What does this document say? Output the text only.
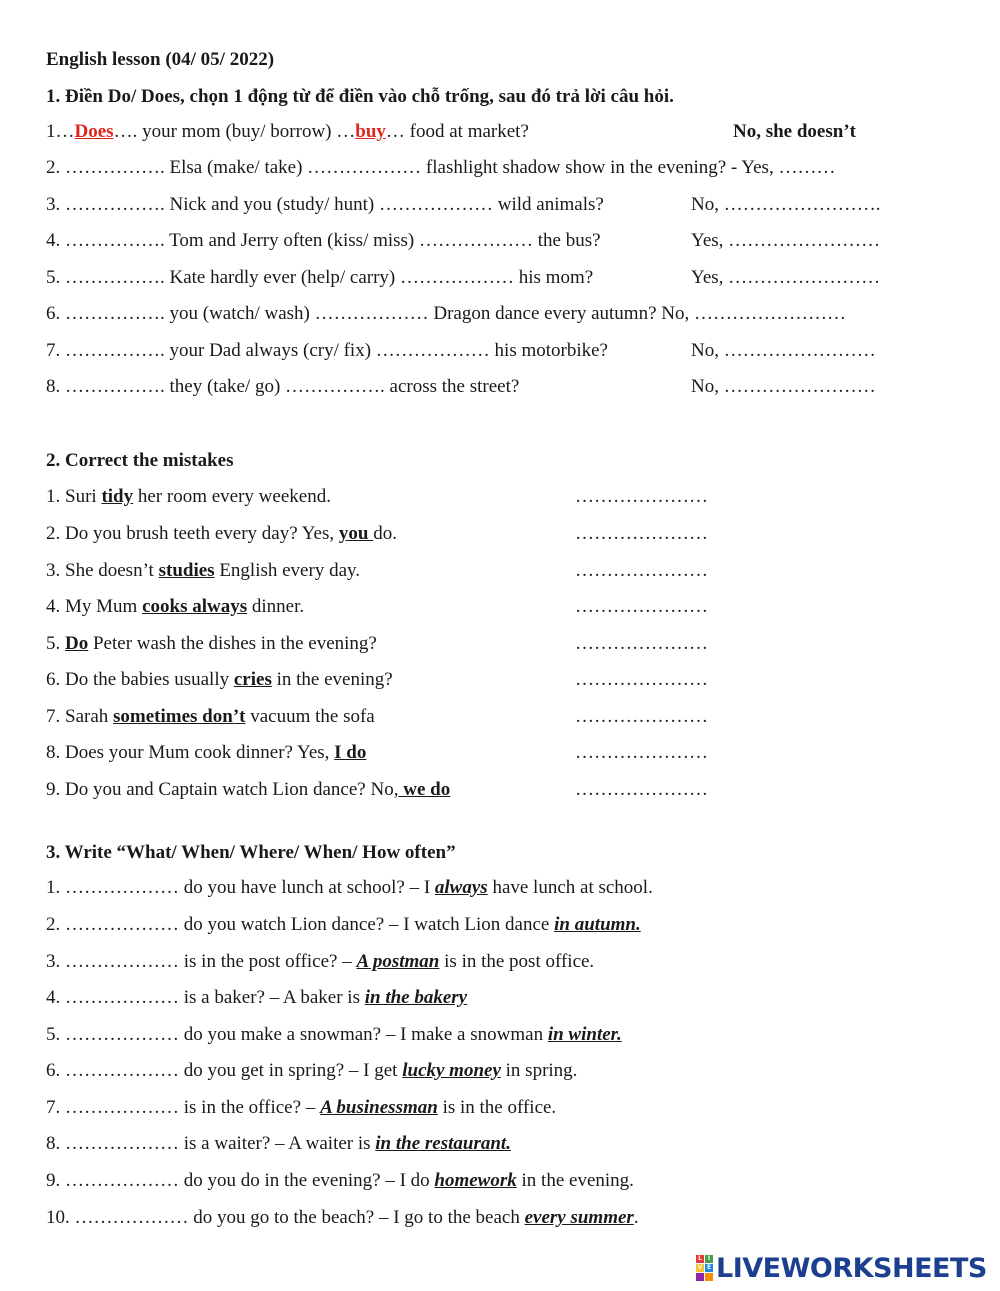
English lesson (04/ 05/ 2022)
1. Điền Do/ Does, chọn 1 động từ để điền vào chỗ trống, sau đó trả lời câu hỏi.
1…Does…. your mom (buy/ borrow) …buy… food at market?	No, she doesn’t
2. ……………. Elsa (make/ take) ……………… flashlight shadow show in the evening? - Yes, ………
3. ……………. Nick and you (study/ hunt) ……………… wild animals?	No, …………………….
4. ……………. Tom and Jerry often (kiss/ miss) ……………… the bus?	Yes, ……………………
5. ……………. Kate hardly ever (help/ carry) ……………… his mom?	Yes, ……………………
6. ……………. you (watch/ wash) ……………… Dragon dance every autumn? No, ……………………
7. ……………. your Dad always (cry/ fix) ……………… his motorbike?	No, ……………………
8. ……………. they (take/ go) ……………. across the street?	No, ……………………
2. Correct the mistakes
1. Suri tidy her room every weekend.	…………………
2. Do you brush teeth every day? Yes, you do.	…………………
3. She doesn’t studies English every day.	…………………
4. My Mum cooks always dinner.	…………………
5. Do Peter wash the dishes in the evening?	…………………
6. Do the babies usually cries in the evening?	…………………
7. Sarah sometimes don’t vacuum the sofa	…………………
8. Does your Mum cook dinner? Yes, I do	…………………
9. Do you and Captain watch Lion dance? No, we do	…………………
3. Write “What/ When/ Where/ When/ How often”
1. ……………… do you have lunch at school? – I always have lunch at school.
2. ……………… do you watch Lion dance? – I watch Lion dance in autumn.
3. ……………… is in the post office? – A postman is in the post office.
4. ……………… is a baker? – A baker is in the bakery
5. ……………… do you make a snowman? – I make a snowman in winter.
6. ……………… do you get in spring? – I get lucky money in spring.
7. ……………… is in the office? – A businessman is in the office.
8. ……………… is a waiter? – A waiter is in the restaurant.
9. ……………… do you do in the evening? – I do homework in the evening.
10. ……………… do you go to the beach? – I go to the beach every summer.
L I
V E LIVEWORKSHEETS
